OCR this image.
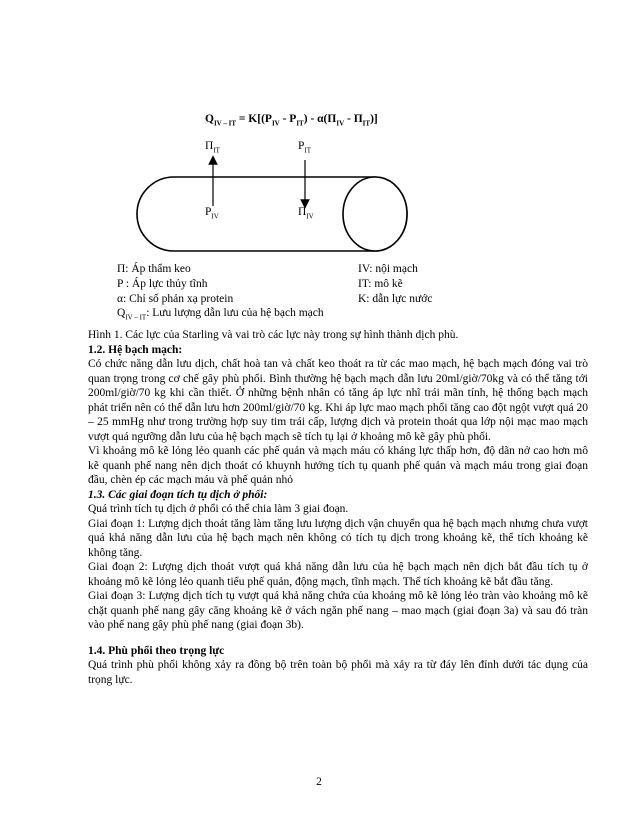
$Q_{IV - IT} = K[(P_{IV} - P_{IT}) - \alpha(\Pi_{IV} - \Pi_{IT})]$
$\Pi_{IT}$	$P_{IT}$
$P_{IV}$	$\Pi_{IV}$
Π: Áp thẩm keo
P : Áp lực thủy tĩnh
α: Chỉ số phản xạ protein
$Q_{IV - IT}$: Lưu lượng dẫn lưu của hệ bạch mạch
IV: nội mạch
IT: mô kẽ
K: dẫn lực nước

Hình 1. Các lực của Starling và vai trò các lực này trong sự hình thành dịch phù.

1.2. Hệ bạch mạch:

Có chức năng dẫn lưu dịch, chất hoà tan và chất keo thoát ra từ các mao mạch, hệ bạch mạch đóng vai trò quan trọng trong cơ chế gây phù phổi. Bình thường hệ bạch mạch dẫn lưu 20ml/giờ/70kg và có thể tăng tới 200ml/giờ/70 kg khi cần thiết. Ở những bệnh nhân có tăng áp lực nhĩ trái mãn tính, hệ thống bạch mạch phát triển nên có thể dẫn lưu hơn 200ml/giờ/70 kg. Khi áp lực mao mạch phổi tăng cao đột ngột vượt quá 20 – 25 mmHg như trong trường hợp suy tim trái cấp, lượng dịch và protein thoát qua lớp nội mạc mao mạch vượt quá ngưỡng dẫn lưu của hệ bạch mạch sẽ tích tụ lại ở khoảng mô kẽ gây phù phổi.

Vì khoảng mô kẽ lỏng lẻo quanh các phế quản và mạch máu có kháng lực thấp hơn, độ dãn nở cao hơn mô kẽ quanh phế nang nên dịch thoát có khuynh hướng tích tụ quanh phế quản và mạch máu trong giai đoạn đầu, chèn ép các mạch máu và phế quản nhỏ

1.3. Các giai đoạn tích tụ dịch ở phổi:

Quá trình tích tụ dịch ở phổi có thể chia làm 3 giai đoạn.

Giai đoạn 1: Lượng dịch thoát tăng làm tăng lưu lượng dịch vận chuyển qua hệ bạch mạch nhưng chưa vượt quá khả năng dẫn lưu của hệ bạch mạch nên không có tích tụ dịch trong khoảng kẽ, thể tích khoảng kẽ không tăng.

Giai đoạn 2: Lượng dịch thoát vượt quá khả năng dẫn lưu của hệ bạch mạch nên dịch bắt đầu tích tụ ở khoảng mô kẽ lỏng lẻo quanh tiểu phế quản, động mạch, tĩnh mạch. Thể tích khoảng kẽ bắt đầu tăng.

Giai đoạn 3: Lượng dịch tích tụ vượt quá khả năng chứa của khoảng mô kẽ lỏng lẻo tràn vào khoảng mô kẽ chặt quanh phế nang gây căng khoảng kẽ ở vách ngăn phế nang – mao mạch (giai đoạn 3a) và sau đó tràn vào phế nang gây phù phế nang (giai đoạn 3b).

1.4. Phù phổi theo trọng lực

Quá trình phù phổi không xảy ra đồng bộ trên toàn bộ phổi mà xảy ra từ đáy lên đỉnh dưới tác dụng của trọng lực.

2
